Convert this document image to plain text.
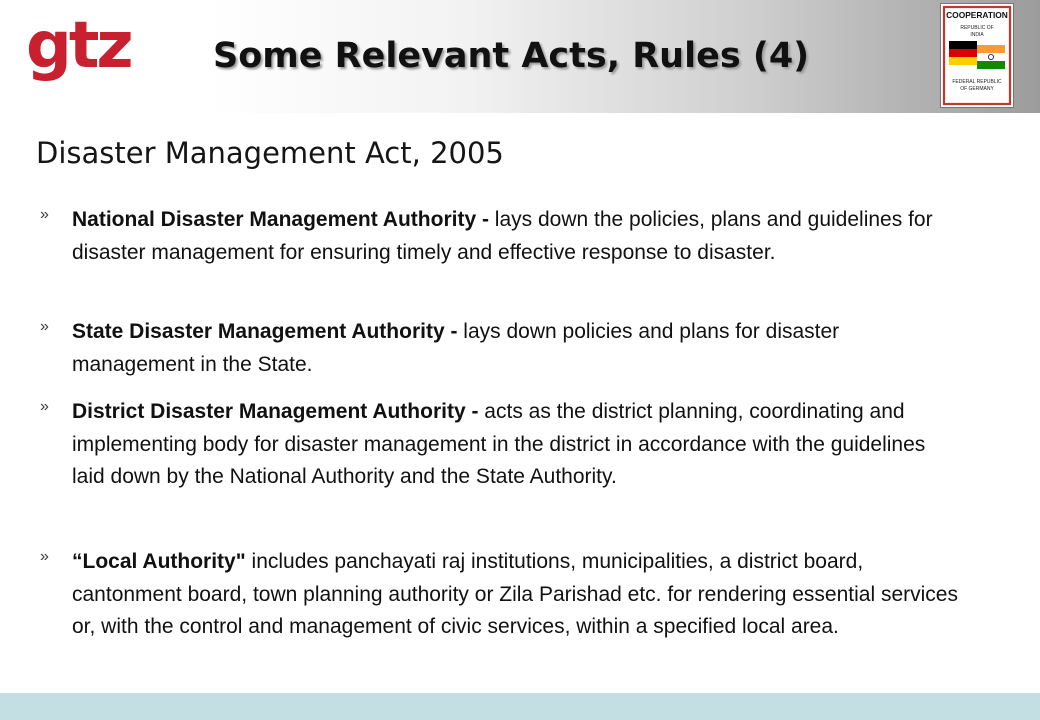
gtz Some Relevant Acts, Rules (4)
COOPERATION
REPUBLIC OF
INDIA
FEDERAL REPUBLIC
OF GERMANY
Disaster Management Act, 2005
» National Disaster Management Authority - lays down the policies, plans and guidelines for disaster management for ensuring timely and effective response to disaster.
» State Disaster Management Authority - lays down policies and plans for disaster management in the State.
» District Disaster Management Authority - acts as the district planning, coordinating and implementing body for disaster management in the district in accordance with the guidelines laid down by the National Authority and the State Authority.
» “Local Authority" includes panchayati raj institutions, municipalities, a district board, cantonment board, town planning authority or Zila Parishad etc. for rendering essential services or, with the control and management of civic services, within a specified local area.
